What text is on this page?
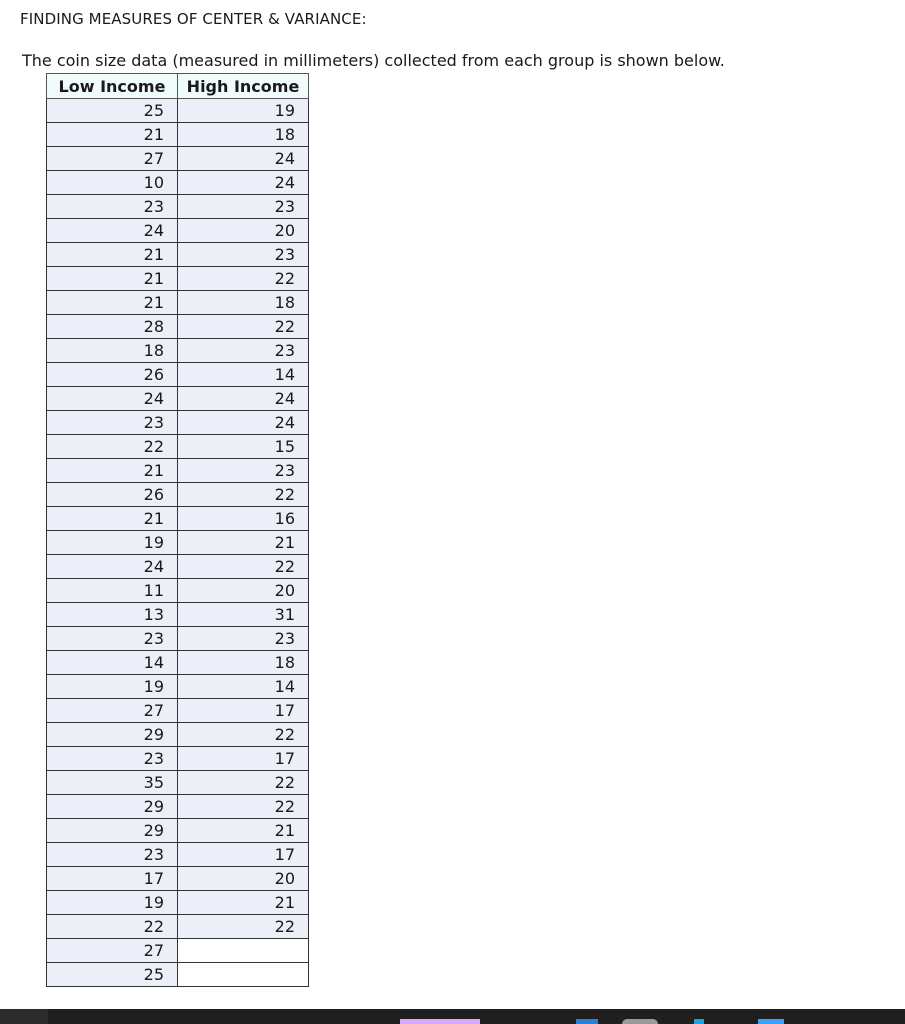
FINDING MEASURES OF CENTER & VARIANCE:
The coin size data (measured in millimeters) collected from each group is shown below.
Low Income	High Income
25	19
21	18
27	24
10	24
23	23
24	20
21	23
21	22
21	18
28	22
18	23
26	14
24	24
23	24
22	15
21	23
26	22
21	16
19	21
24	22
11	20
13	31
23	23
14	18
19	14
27	17
29	22
23	17
35	22
29	22
29	21
23	17
17	20
19	21
22	22
27	
25	
